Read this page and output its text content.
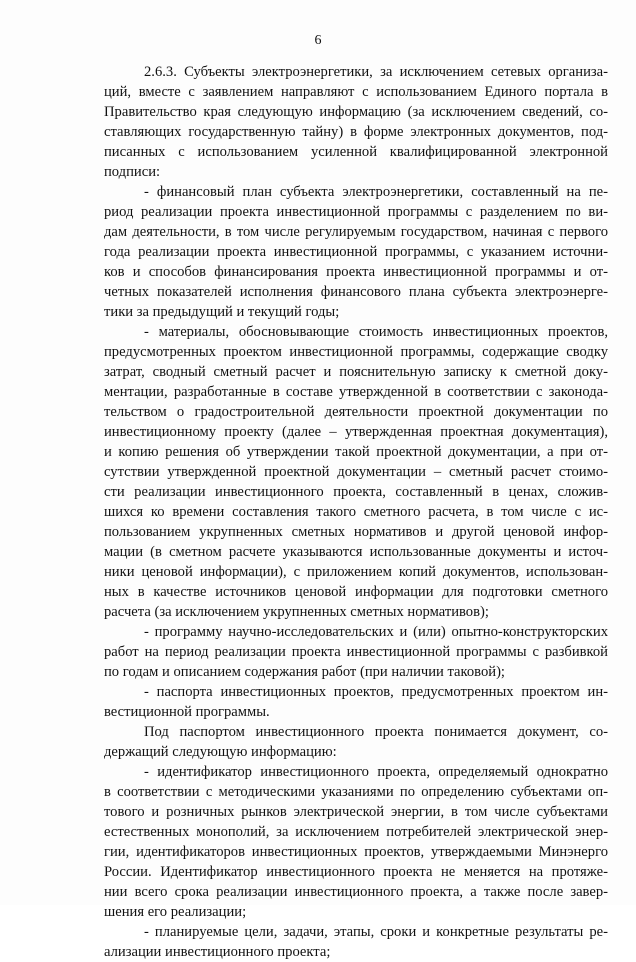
6
2.6.3. Субъекты электроэнергетики, за исключением сетевых организа-
ций, вместе с заявлением направляют с использованием Единого портала в
Правительство края следующую информацию (за исключением сведений, со-
ставляющих государственную тайну) в форме электронных документов, под-
писанных с использованием усиленной квалифицированной электронной
подписи:
- финансовый план субъекта электроэнергетики, составленный на пе-
риод реализации проекта инвестиционной программы с разделением по ви-
дам деятельности, в том числе регулируемым государством, начиная с первого
года реализации проекта инвестиционной программы, с указанием источни-
ков и способов финансирования проекта инвестиционной программы и от-
четных показателей исполнения финансового плана субъекта электроэнерге-
тики за предыдущий и текущий годы;
- материалы, обосновывающие стоимость инвестиционных проектов,
предусмотренных проектом инвестиционной программы, содержащие сводку
затрат, сводный сметный расчет и пояснительную записку к сметной доку-
ментации, разработанные в составе утвержденной в соответствии с законода-
тельством о градостроительной деятельности проектной документации по
инвестиционному проекту (далее – утвержденная проектная документация),
и копию решения об утверждении такой проектной документации, а при от-
сутствии утвержденной проектной документации – сметный расчет стоимо-
сти реализации инвестиционного проекта, составленный в ценах, сложив-
шихся ко времени составления такого сметного расчета, в том числе с ис-
пользованием укрупненных сметных нормативов и другой ценовой инфор-
мации (в сметном расчете указываются использованные документы и источ-
ники ценовой информации), с приложением копий документов, использован-
ных в качестве источников ценовой информации для подготовки сметного
расчета (за исключением укрупненных сметных нормативов);
- программу научно-исследовательских и (или) опытно-конструкторских
работ на период реализации проекта инвестиционной программы с разбивкой
по годам и описанием содержания работ (при наличии таковой);
- паспорта инвестиционных проектов, предусмотренных проектом ин-
вестиционной программы.
Под паспортом инвестиционного проекта понимается документ, со-
держащий следующую информацию:
- идентификатор инвестиционного проекта, определяемый однократно
в соответствии с методическими указаниями по определению субъектами оп-
тового и розничных рынков электрической энергии, в том числе субъектами
естественных монополий, за исключением потребителей электрической энер-
гии, идентификаторов инвестиционных проектов, утверждаемыми Минэнерго
России. Идентификатор инвестиционного проекта не меняется на протяже-
нии всего срока реализации инвестиционного проекта, а также после завер-
шения его реализации;
- планируемые цели, задачи, этапы, сроки и конкретные результаты ре-
ализации инвестиционного проекта;
